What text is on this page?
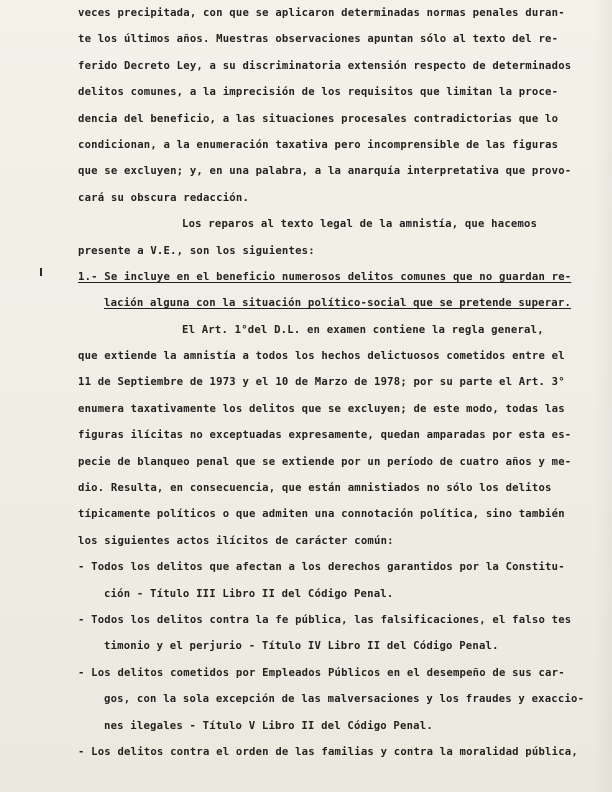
veces precipitada, con que se aplicaron determinadas normas penales duran-
te los últimos años. Muestras observaciones apuntan sólo al texto del re-
ferido Decreto Ley, a su discriminatoria extensión respecto de determinados
delitos comunes, a la imprecisión de los requisitos que limitan la proce-
dencia del beneficio, a las situaciones procesales contradictorias que lo
condicionan, a la enumeración taxativa pero incomprensible de las figuras
que se excluyen; y, en una palabra, a la anarquía interpretativa que provo-
cará su obscura redacción.
Los reparos al texto legal de la amnistía, que hacemos
presente a V.E., son los siguientes:
1.- Se incluye en el beneficio numerosos delitos comunes que no guardan re-
lación alguna con la situación político-social que se pretende superar.
El Art. 1°del D.L. en examen contiene la regla general,
que extiende la amnistía a todos los hechos delictuosos cometidos entre el
11 de Septiembre de 1973 y el 10 de Marzo de 1978; por su parte el Art. 3°
enumera taxativamente los delitos que se excluyen; de este modo, todas las
figuras ilícitas no exceptuadas expresamente, quedan amparadas por esta es-
pecie de blanqueo penal que se extiende por un período de cuatro años y me-
dio. Resulta, en consecuencia, que están amnistiados no sólo los delitos
típicamente políticos o que admiten una connotación política, sino también
los siguientes actos ilícitos de carácter común:
- Todos los delitos que afectan a los derechos garantidos por la Constitu-
ción - Título III Libro II del Código Penal.
- Todos los delitos contra la fe pública, las falsificaciones, el falso tes
timonio y el perjurio - Título IV Libro II del Código Penal.
- Los delitos cometidos por Empleados Públicos en el desempeño de sus car-
gos, con la sola excepción de las malversaciones y los fraudes y exaccio-
nes ilegales - Título V Libro II del Código Penal.
- Los delitos contra el orden de las familias y contra la moralidad pública,
